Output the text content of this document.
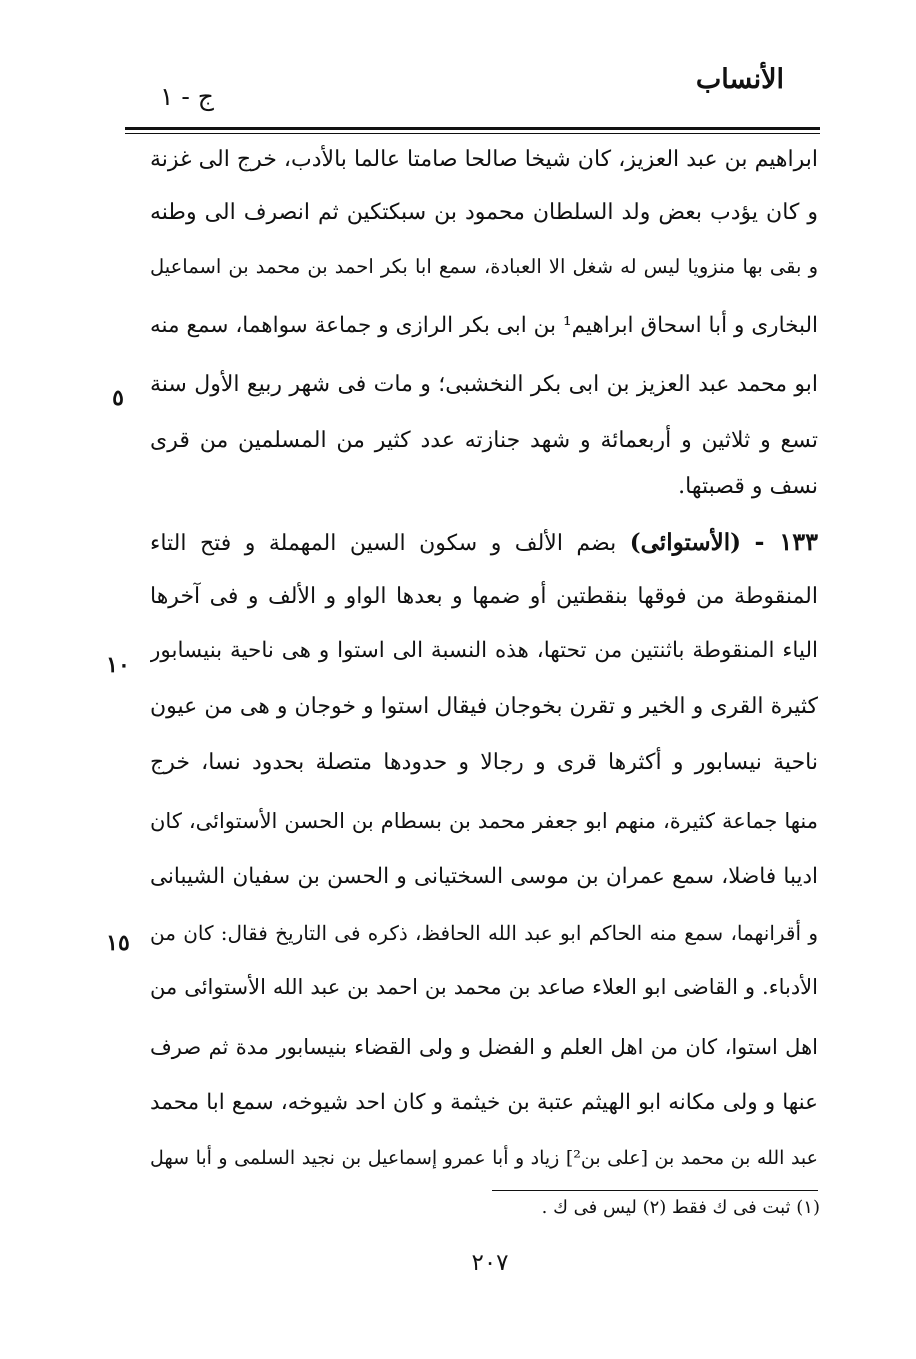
الأنساب
ج - ١
ابراهيم بن عبد العزيز، كان شيخا صالحا صامتا عالما بالأدب، خرج الى غزنة
و كان يؤدب بعض ولد السلطان محمود بن سبكتكين ثم انصرف الى وطنه
و بقى بها منزويا ليس له شغل الا العبادة، سمع ابا بكر احمد بن محمد بن اسماعيل
البخارى و أبا اسحاق ابراهيم¹ بن ابى بكر الرازى و جماعة سواهما، سمع منه
ابو محمد عبد العزيز بن ابى بكر النخشبى؛ و مات فى شهر ربيع الأول سنة
تسع و ثلاثين و أربعمائة و شهد جنازته عدد كثير من المسلمين من قرى
نسف و قصبتها.
١٣٣ - (الأستوائى) بضم الألف و سكون السين المهملة و فتح التاء
المنقوطة من فوقها بنقطتين أو ضمها و بعدها الواو و الألف و فى آخرها
الياء المنقوطة باثنتين من تحتها، هذه النسبة الى استوا و هى ناحية بنيسابور
كثيرة القرى و الخير و تقرن بخوجان فيقال استوا و خوجان و هى من عيون
ناحية نيسابور و أكثرها قرى و رجالا و حدودها متصلة بحدود نسا، خرج
منها جماعة كثيرة، منهم ابو جعفر محمد بن بسطام بن الحسن الأستوائى، كان
اديبا فاضلا، سمع عمران بن موسى السختيانى و الحسن بن سفيان الشيبانى
و أقرانهما، سمع منه الحاكم ابو عبد الله الحافظ، ذكره فى التاريخ فقال: كان من
الأدباء. و القاضى ابو العلاء صاعد بن محمد بن احمد بن عبد الله الأستوائى من
اهل استوا، كان من اهل العلم و الفضل و ولى القضاء بنيسابور مدة ثم صرف
عنها و ولى مكانه ابو الهيثم عتبة بن خيثمة و كان احد شيوخه، سمع ابا محمد
عبد الله بن محمد بن [على بن²] زياد و أبا عمرو إسماعيل بن نجيد السلمى و أبا سهل
٥
١٠
١٥
(١) ثبت فى ك فقط (٢) ليس فى ك .
٢٠٧
